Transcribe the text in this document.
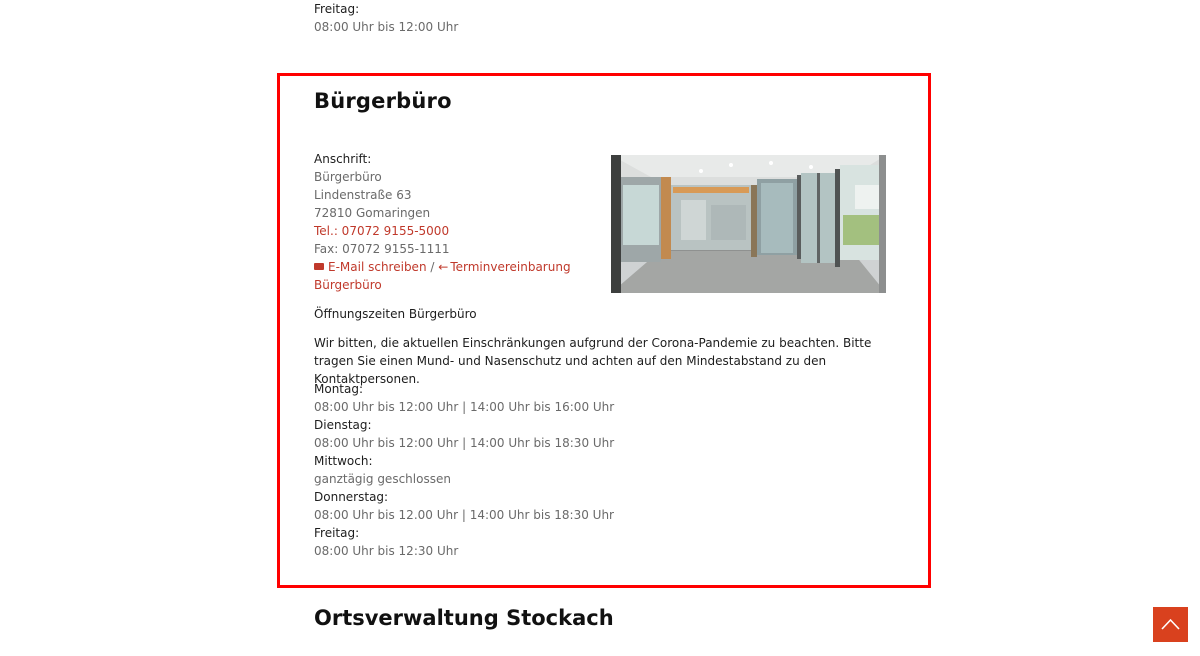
Freitag:
08:00 Uhr bis 12:00 Uhr
Bürgerbüro
Anschrift:
Bürgerbüro
Lindenstraße 63
72810 Gomaringen
Tel.: 07072 9155-5000
Fax: 07072 9155-1111
E-Mail schreiben / ← Terminvereinbarung Bürgerbüro
Öffnungszeiten Bürgerbüro
Wir bitten, die aktuellen Einschränkungen aufgrund der Corona-Pandemie zu beachten. Bitte tragen Sie einen Mund- und Nasenschutz und achten auf den Mindestabstand zu den Kontaktpersonen.
Montag:
08:00 Uhr bis 12:00 Uhr | 14:00 Uhr bis 16:00 Uhr
Dienstag:
08:00 Uhr bis 12:00 Uhr | 14:00 Uhr bis 18:30 Uhr
Mittwoch:
ganztägig geschlossen
Donnerstag:
08:00 Uhr bis 12.00 Uhr | 14:00 Uhr bis 18:30 Uhr
Freitag:
08:00 Uhr bis 12:30 Uhr
Ortsverwaltung Stockach
